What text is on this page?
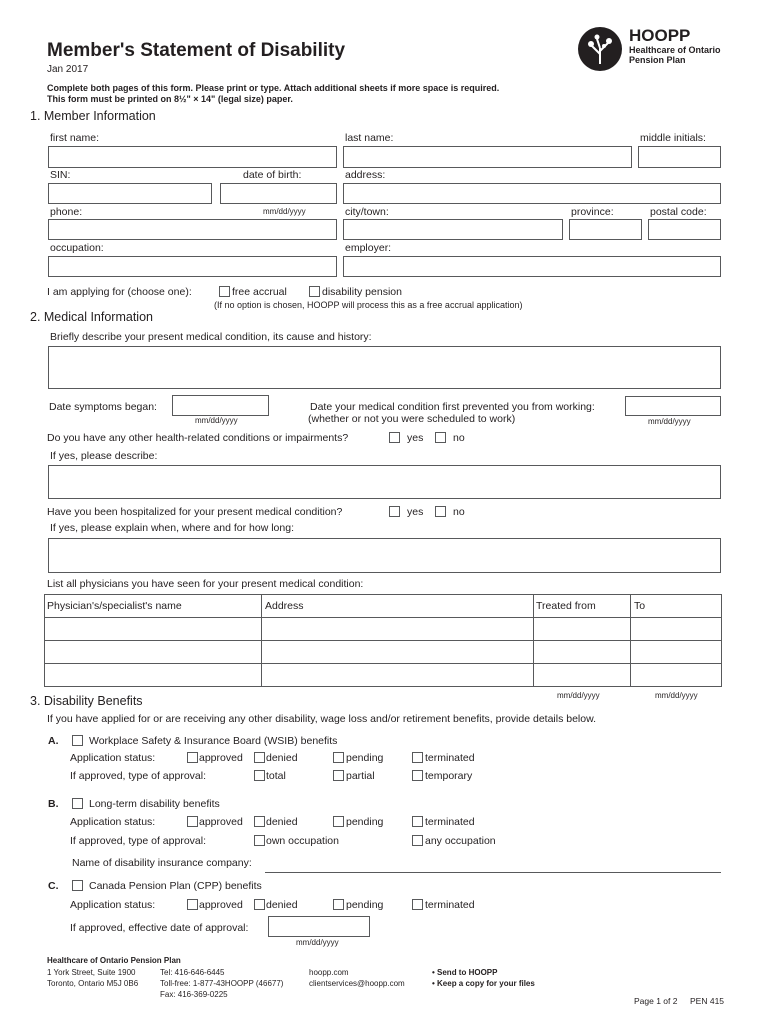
Member's Statement of Disability
Jan 2017
Complete both pages of this form. Please print or type. Attach additional sheets if more space is required.
This form must be printed on 8½" × 14" (legal size) paper.
HOOPP
Healthcare of Ontario
Pension Plan
1. Member Information
first name:	last name:	middle initials:
SIN:	date of birth:	address:
phone:	mm/dd/yyyy	city/town:	province:	postal code:
occupation:	employer:
I am applying for (choose one):	free accrual	disability pension
(If no option is chosen, HOOPP will process this as a free accrual application)
2. Medical Information
Briefly describe your present medical condition, its cause and history:
Date symptoms began:
mm/dd/yyyy
Date your medical condition first prevented you from working:
(whether or not you were scheduled to work)	mm/dd/yyyy
Do you have any other health-related conditions or impairments?	yes	no
If yes, please describe:
Have you been hospitalized for your present medical condition?	yes	no
If yes, please explain when, where and for how long:
List all physicians you have seen for your present medical condition:
Physician's/specialist's name	Address	Treated from	To
mm/dd/yyyy	mm/dd/yyyy
3. Disability Benefits
If you have applied for or are receiving any other disability, wage loss and/or retirement benefits, provide details below.
A.	Workplace Safety & Insurance Board (WSIB) benefits
Application status:	approved denied	pending	terminated
If approved, type of approval:	total	partial	temporary
B.	Long-term disability benefits
Application status:	approved denied	pending	terminated
If approved, type of approval:	own occupation	any occupation
Name of disability insurance company:
C.	Canada Pension Plan (CPP) benefits
Application status:	approved denied	pending	terminated
If approved, effective date of approval:
mm/dd/yyyy
Healthcare of Ontario Pension Plan
1 York Street, Suite 1900
Toronto, Ontario M5J 0B6
Tel: 416-646-6445
Toll-free: 1-877-43HOOPP (46677)
Fax: 416-369-0225
hoopp.com
clientservices@hoopp.com
• Send to HOOPP
• Keep a copy for your files
Page 1 of 2 PEN 415
